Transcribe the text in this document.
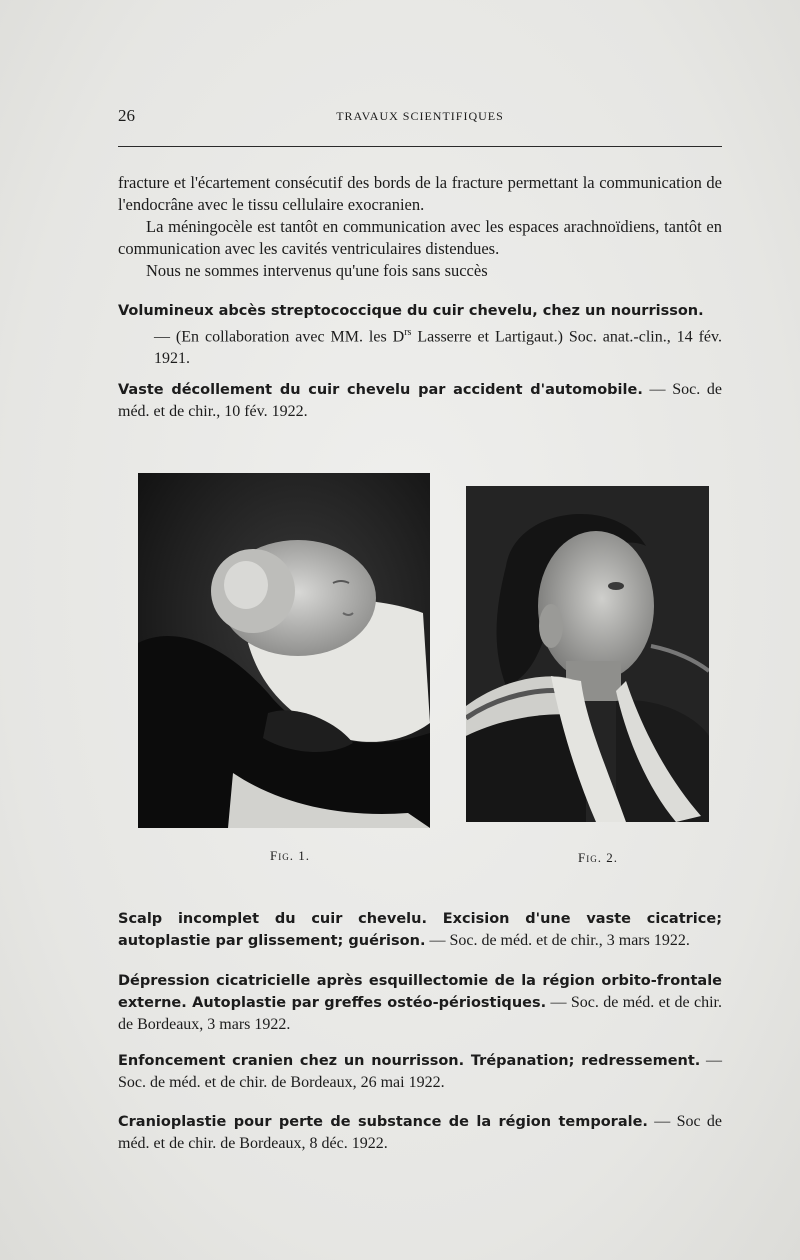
26	TRAVAUX SCIENTIFIQUES

fracture et l'écartement consécutif des bords de la fracture permettant la communication de l'endocrâne avec le tissu cellulaire exocranien.

La méningocèle est tantôt en communication avec les espaces arachnoïdiens, tantôt en communication avec les cavités ventriculaires distendues.

Nous ne sommes intervenus qu'une fois sans succès

Volumineux abcès streptococcique du cuir chevelu, chez un nourrisson.
— (En collaboration avec MM. les $D^{rs}$ Lasserre et Lartigaut.) Soc. anat.-clin., 14 fév. 1921.
Vaste décollement du cuir chevelu par accident d'automobile. — Soc. de méd. et de chir., 10 fév. 1922.
Fig. 1.	Fig. 2.
Scalp incomplet du cuir chevelu. Excision d'une vaste cicatrice; autoplastie par glissement; guérison. — Soc. de méd. et de chir., 3 mars 1922.
Dépression cicatricielle après esquillectomie de la région orbito-frontale externe. Autoplastie par greffes ostéo-périostiques. — Soc. de méd. et de chir. de Bordeaux, 3 mars 1922.
Enfoncement cranien chez un nourrisson. Trépanation; redressement. — Soc. de méd. et de chir. de Bordeaux, 26 mai 1922.
Cranioplastie pour perte de substance de la région temporale. — Soc de méd. et de chir. de Bordeaux, 8 déc. 1922.
